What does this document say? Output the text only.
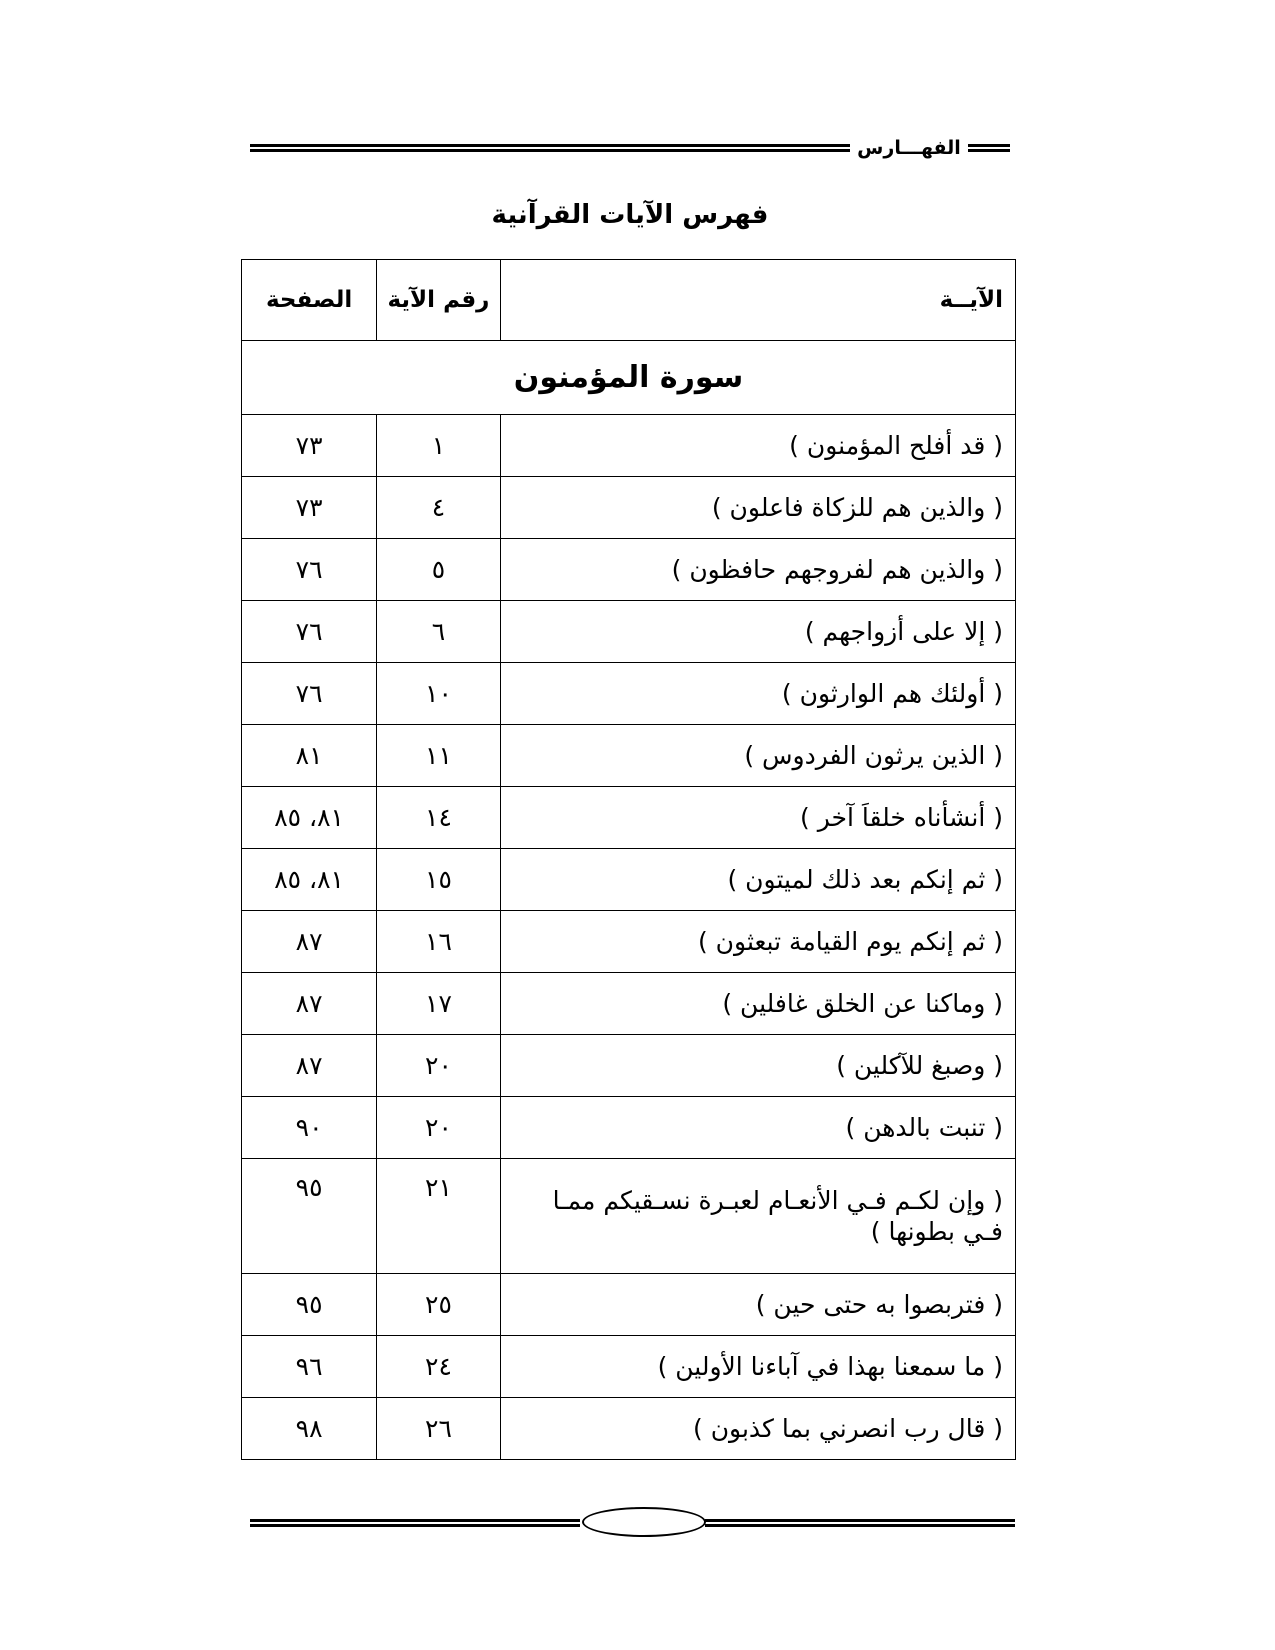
الفهـــارس
فهرس الآيات القرآنية
الآيــة	رقم الآية	الصفحة
سورة المؤمنون		
( قد أفلح المؤمنون )	١	٧٣
( والذين هم للزكاة فاعلون )	٤	٧٣
( والذين هم لفروجهم حافظون )	٥	٧٦
( إلا على أزواجهم )	٦	٧٦
( أولئك هم الوارثون )	١٠	٧٦
( الذين يرثون الفردوس )	١١	٨١
( أنشأناه خلقاَ آخر )	١٤	٨١، ٨٥
( ثم إنكم بعد ذلك لميتون )	١٥	٨١، ٨٥
( ثم إنكم يوم القيامة تبعثون )	١٦	٨٧
( وماكنا عن الخلق غافلين )	١٧	٨٧
( وصبغ للآكلين )	٢٠	٨٧
( تنبت بالدهن )	٢٠	٩٠
( وإن لكـم فـي الأنعـام لعبـرة نسـقيكم ممـا فـي بطونها )	٢١	٩٥
( فتربصوا به حتى حين )	٢٥	٩٥
( ما سمعنا بهذا في آباءنا الأولين )	٢٤	٩٦
( قال رب انصرني بما كذبون )	٢٦	٩٨
